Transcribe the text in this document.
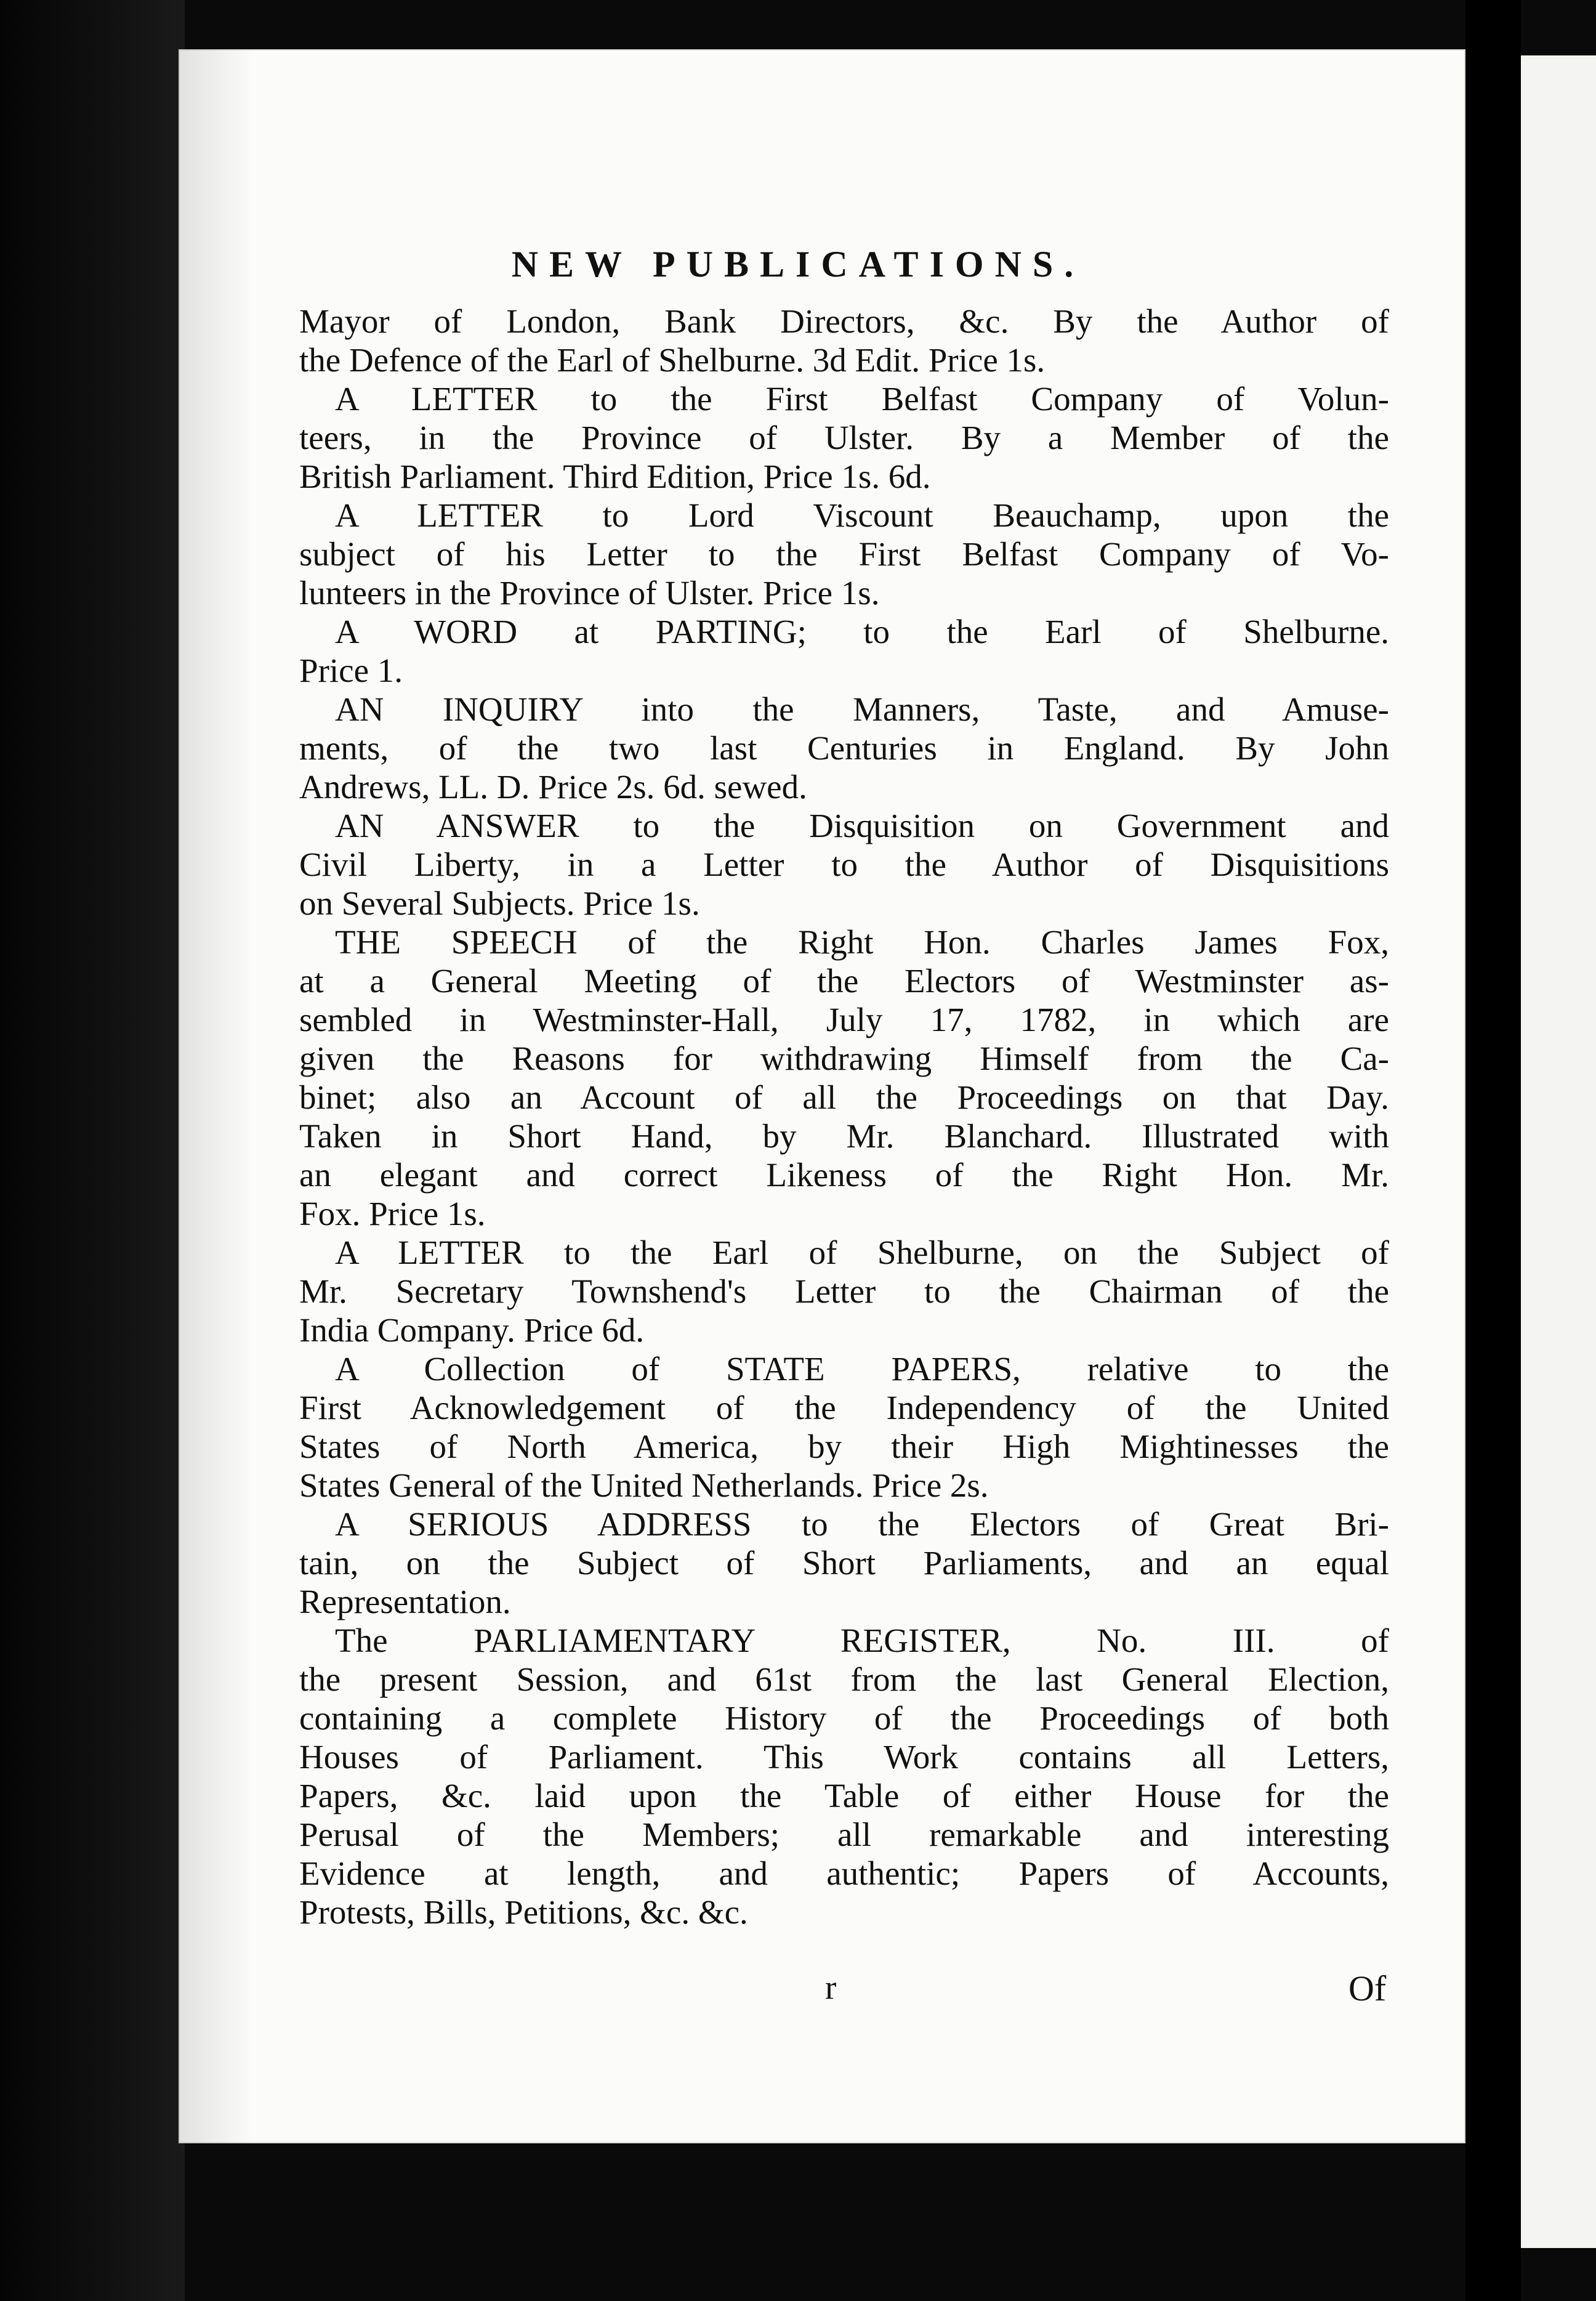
NEW PUBLICATIONS.
Mayor of London, Bank Directors, &c. By the Author of
the Defence of the Earl of Shelburne. 3d Edit. Price 1s.
A LETTER to the First Belfast Company of Volun-
teers, in the Province of Ulster. By a Member of the
British Parliament. Third Edition, Price 1s. 6d.
A LETTER to Lord Viscount Beauchamp, upon the
subject of his Letter to the First Belfast Company of Vo-
lunteers in the Province of Ulster. Price 1s.
A WORD at PARTING; to the Earl of Shelburne.
Price 1.
AN INQUIRY into the Manners, Taste, and Amuse-
ments, of the two last Centuries in England. By John
Andrews, LL. D. Price 2s. 6d. sewed.
AN ANSWER to the Disquisition on Government and
Civil Liberty, in a Letter to the Author of Disquisitions
on Several Subjects. Price 1s.
THE SPEECH of the Right Hon. Charles James Fox,
at a General Meeting of the Electors of Westminster as-
sembled in Westminster-Hall, July 17, 1782, in which are
given the Reasons for withdrawing Himself from the Ca-
binet; also an Account of all the Proceedings on that Day.
Taken in Short Hand, by Mr. Blanchard. Illustrated with
an elegant and correct Likeness of the Right Hon. Mr.
Fox. Price 1s.
A LETTER to the Earl of Shelburne, on the Subject of
Mr. Secretary Townshend's Letter to the Chairman of the
India Company. Price 6d.
A Collection of STATE PAPERS, relative to the
First Acknowledgement of the Independency of the United
States of North America, by their High Mightinesses the
States General of the United Netherlands. Price 2s.
A SERIOUS ADDRESS to the Electors of Great Bri-
tain, on the Subject of Short Parliaments, and an equal
Representation.
The PARLIAMENTARY REGISTER, No. III. of
the present Session, and 61st from the last General Election,
containing a complete History of the Proceedings of both
Houses of Parliament. This Work contains all Letters,
Papers, &c. laid upon the Table of either House for the
Perusal of the Members; all remarkable and interesting
Evidence at length, and authentic; Papers of Accounts,
Protests, Bills, Petitions, &c. &c.
r	Of
